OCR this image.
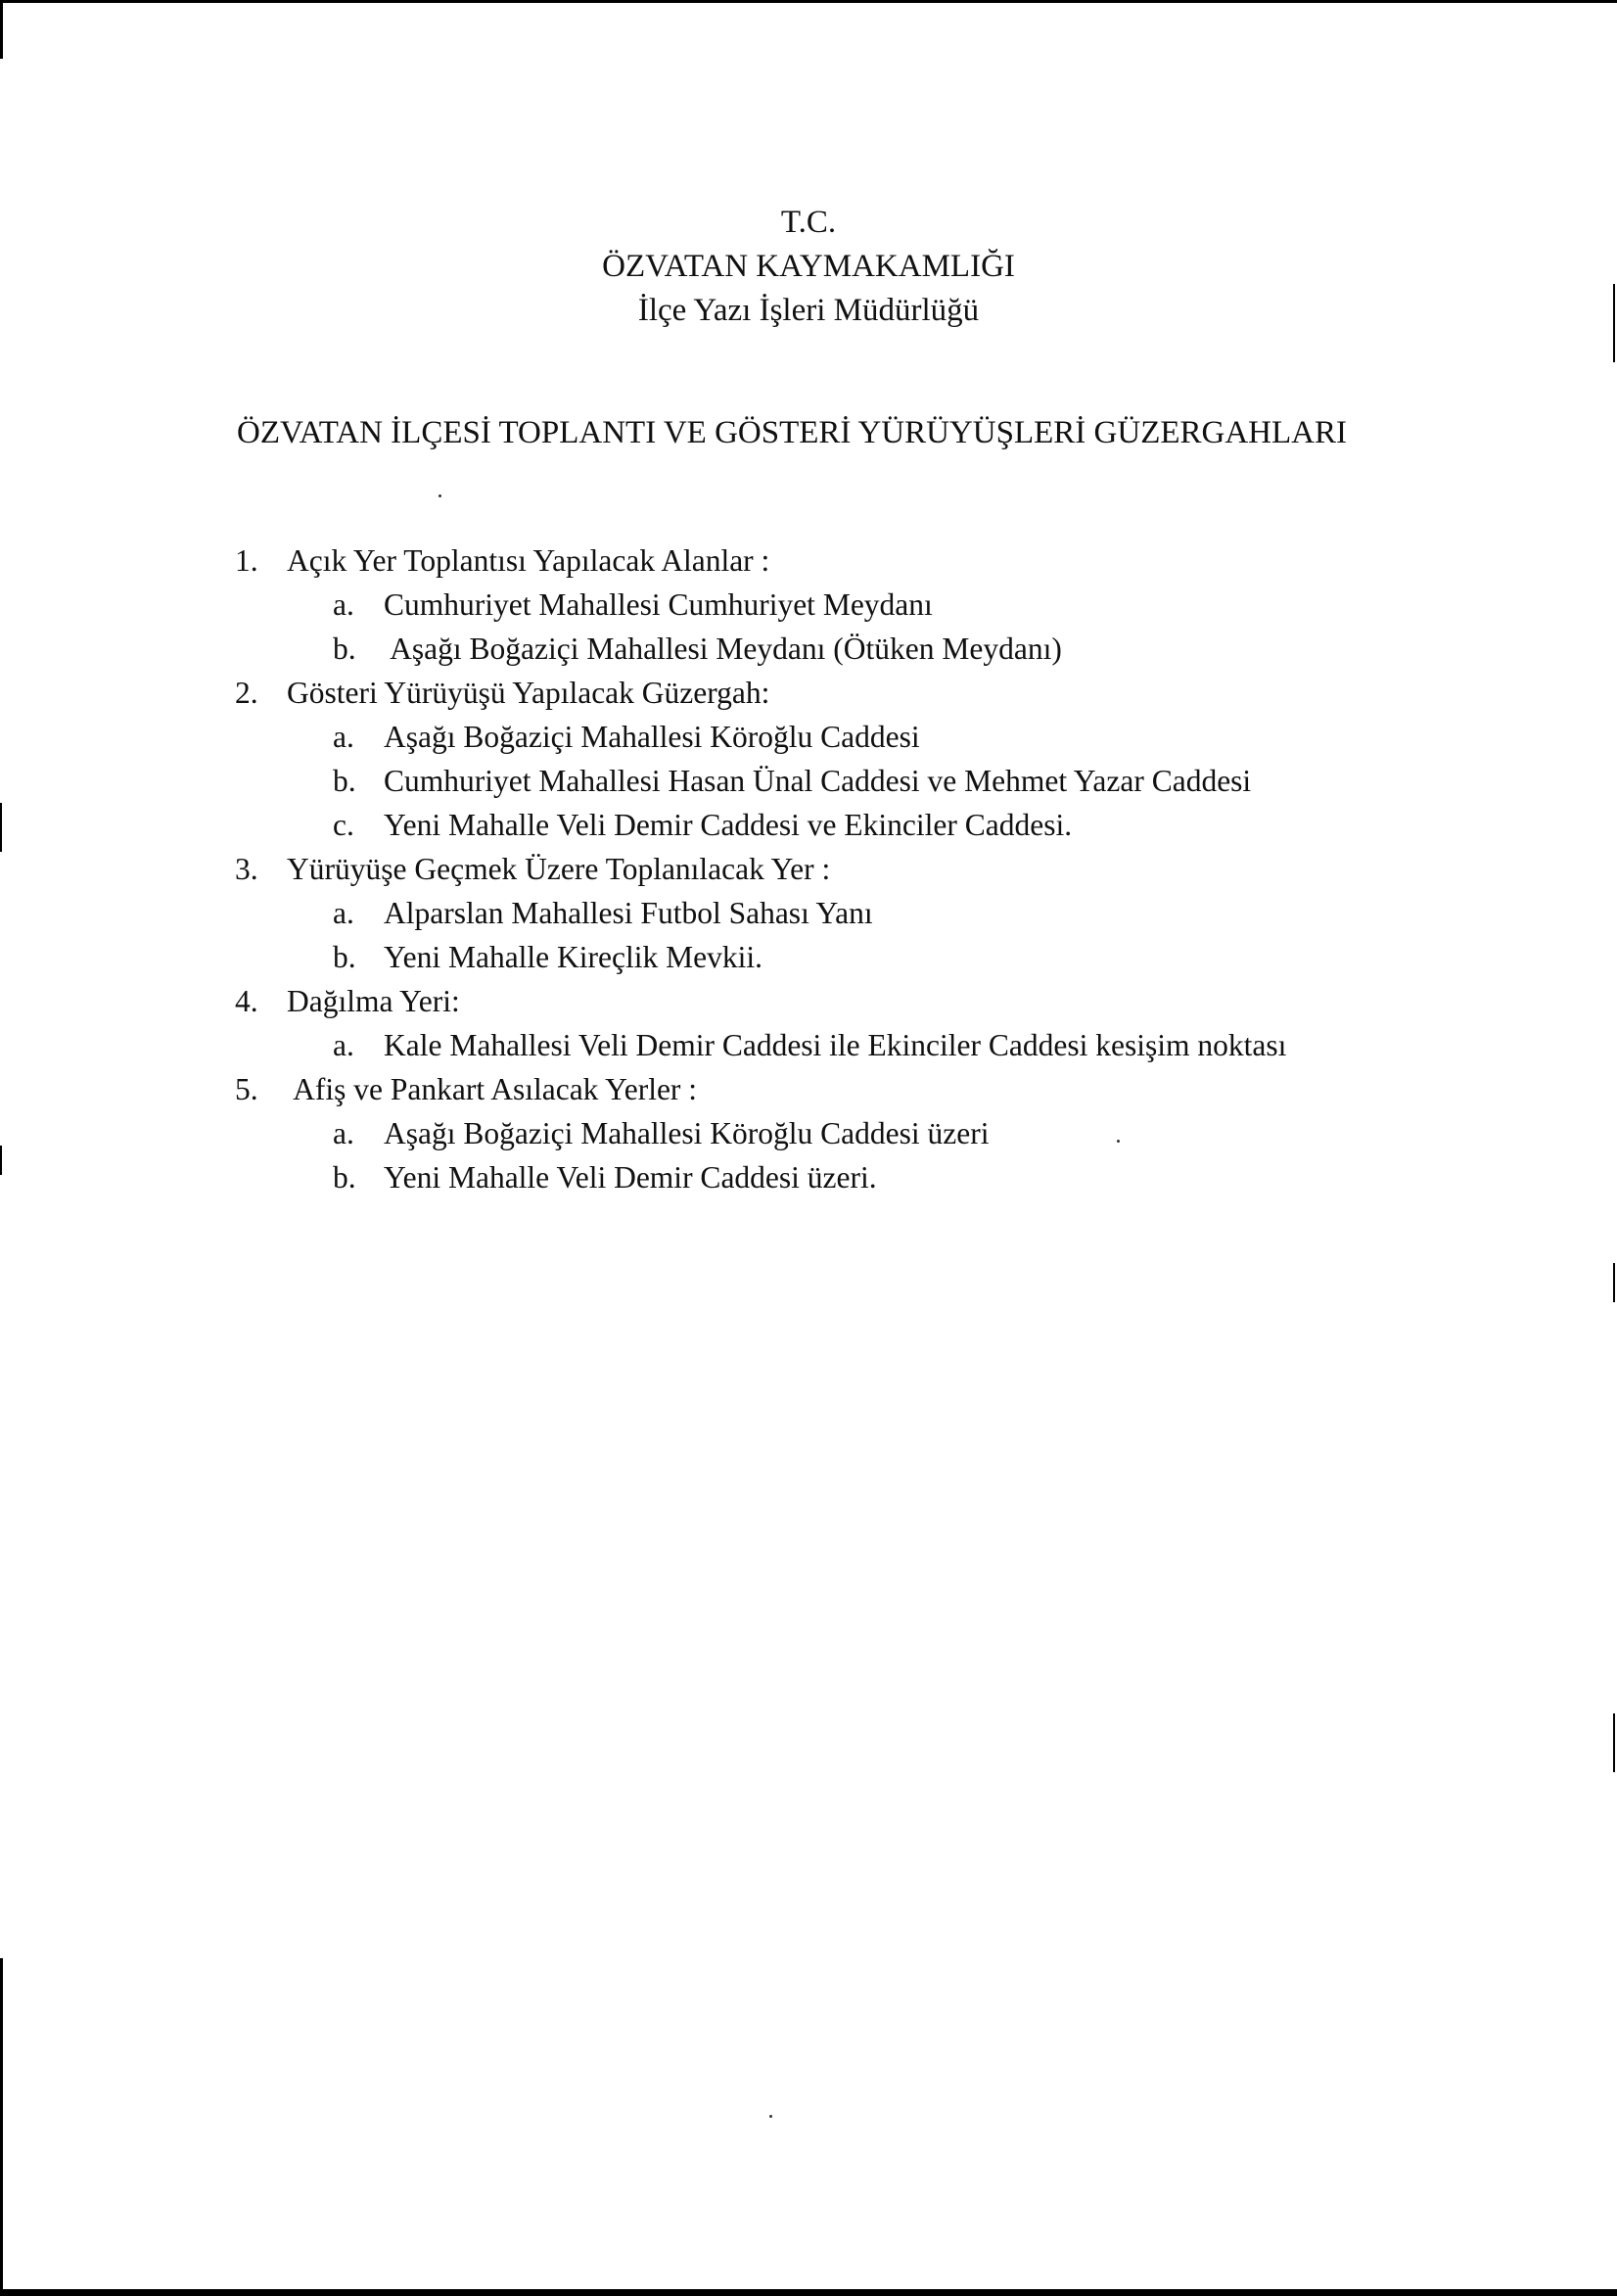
T.C.
ÖZVATAN KAYMAKAMLIĞI
İlçe Yazı İşleri Müdürlüğü
ÖZVATAN İLÇESİ TOPLANTI VE GÖSTERİ YÜRÜYÜŞLERİ GÜZERGAHLARI
1. Açık Yer Toplantısı Yapılacak Alanlar :
a. Cumhuriyet Mahallesi Cumhuriyet Meydanı
b. Aşağı Boğaziçi Mahallesi Meydanı (Ötüken Meydanı)
2. Gösteri Yürüyüşü Yapılacak Güzergah:
a. Aşağı Boğaziçi Mahallesi Köroğlu Caddesi
b. Cumhuriyet Mahallesi Hasan Ünal Caddesi ve Mehmet Yazar Caddesi
c. Yeni Mahalle Veli Demir Caddesi ve Ekinciler Caddesi.
3. Yürüyüşe Geçmek Üzere Toplanılacak Yer :
a. Alparslan Mahallesi Futbol Sahası Yanı
b. Yeni Mahalle Kireçlik Mevkii.
4. Dağılma Yeri:
a. Kale Mahallesi Veli Demir Caddesi ile Ekinciler Caddesi kesişim noktası
5. Afiş ve Pankart Asılacak Yerler :
a. Aşağı Boğaziçi Mahallesi Köroğlu Caddesi üzeri
b. Yeni Mahalle Veli Demir Caddesi üzeri.
